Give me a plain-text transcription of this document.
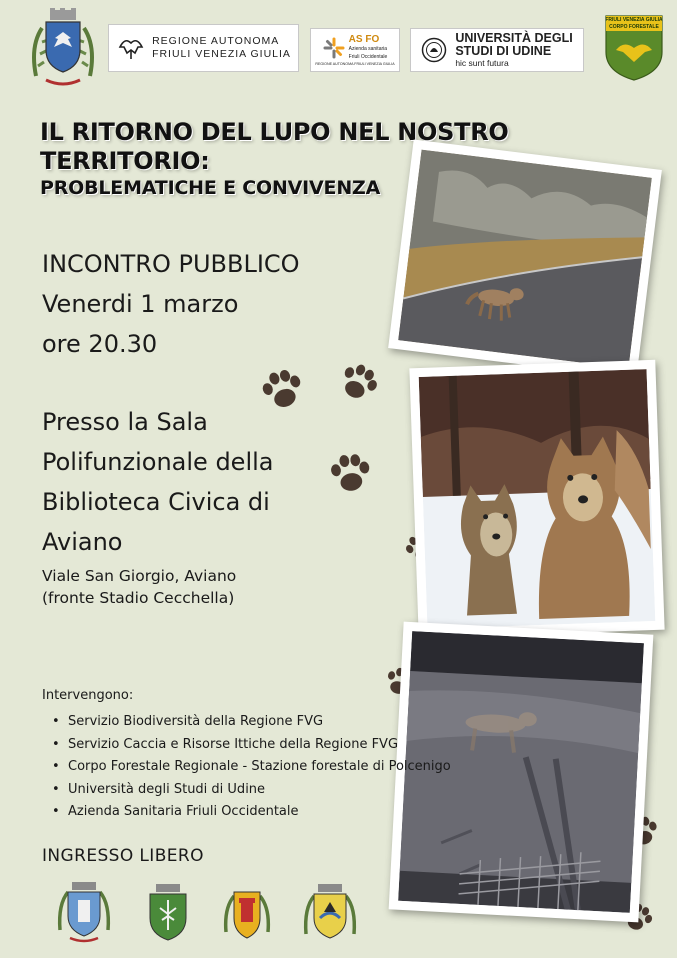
REGIONE AUTONOMA
FRIULI VENEZIA GIULIA
AS FO
Azienda sanitaria
Friuli Occidentale
REGIONE AUTONOMA FRIULI VENEZIA GIULIA
UNIVERSITÀ DEGLI
STUDI DI UDINE
hic sunt futura
FRIULI VENEZIA GIULIA
CORPO FORESTALE
IL RITORNO DEL LUPO NEL NOSTRO
TERRITORIO:
PROBLEMATICHE E CONVIVENZA
INCONTRO PUBBLICO
Venerdi 1 marzo
ore 20.30
Presso la Sala
Polifunzionale della
Biblioteca Civica di
Aviano
Viale San Giorgio, Aviano
(fronte Stadio Cecchella)
Intervengono:
• Servizio Biodiversità della Regione FVG
• Servizio Caccia e Risorse Ittiche della Regione FVG
• Corpo Forestale Regionale - Stazione forestale di Polcenigo
• Università degli Studi di Udine
• Azienda Sanitaria Friuli Occidentale
INGRESSO LIBERO
